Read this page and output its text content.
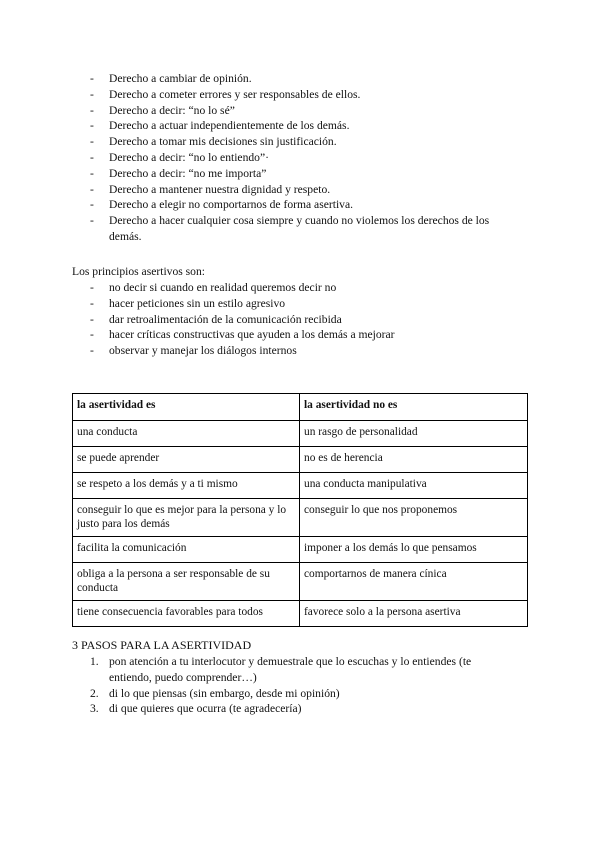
- Derecho a cambiar de opinión.
- Derecho a cometer errores y ser responsables de ellos.
- Derecho a decir: “no lo sé”
- Derecho a actuar independientemente de los demás.
- Derecho a tomar mis decisiones sin justificación.
- Derecho a decir: “no lo entiendo”·
- Derecho a decir: “no me importa”
- Derecho a mantener nuestra dignidad y respeto.
- Derecho a elegir no comportarnos de forma asertiva.
- Derecho a hacer cualquier cosa siempre y cuando no violemos los derechos de los demás.
Los principios asertivos son:
- no decir si cuando en realidad queremos decir no
- hacer peticiones sin un estilo agresivo
- dar retroalimentación de la comunicación recibida
- hacer críticas constructivas que ayuden a los demás a mejorar
- observar y manejar los diálogos internos
la asertividad es	la asertividad no es
una conducta	un rasgo de personalidad
se puede aprender	no es de herencia
se respeto a los demás y a ti mismo	una conducta manipulativa
conseguir lo que es mejor para la persona y lo justo para los demás	conseguir lo que nos proponemos
facilita la comunicación	imponer a los demás lo que pensamos
obliga a la persona a ser responsable de su conducta	comportarnos de manera cínica
tiene consecuencia favorables para todos	favorece solo a la persona asertiva
3 PASOS PARA LA ASERTIVIDAD
1. pon atención a tu interlocutor y demuestrale que lo escuchas y lo entiendes (te entiendo, puedo comprender…)
2. di lo que piensas (sin embargo, desde mi opinión)
3. di que quieres que ocurra (te agradecería)
